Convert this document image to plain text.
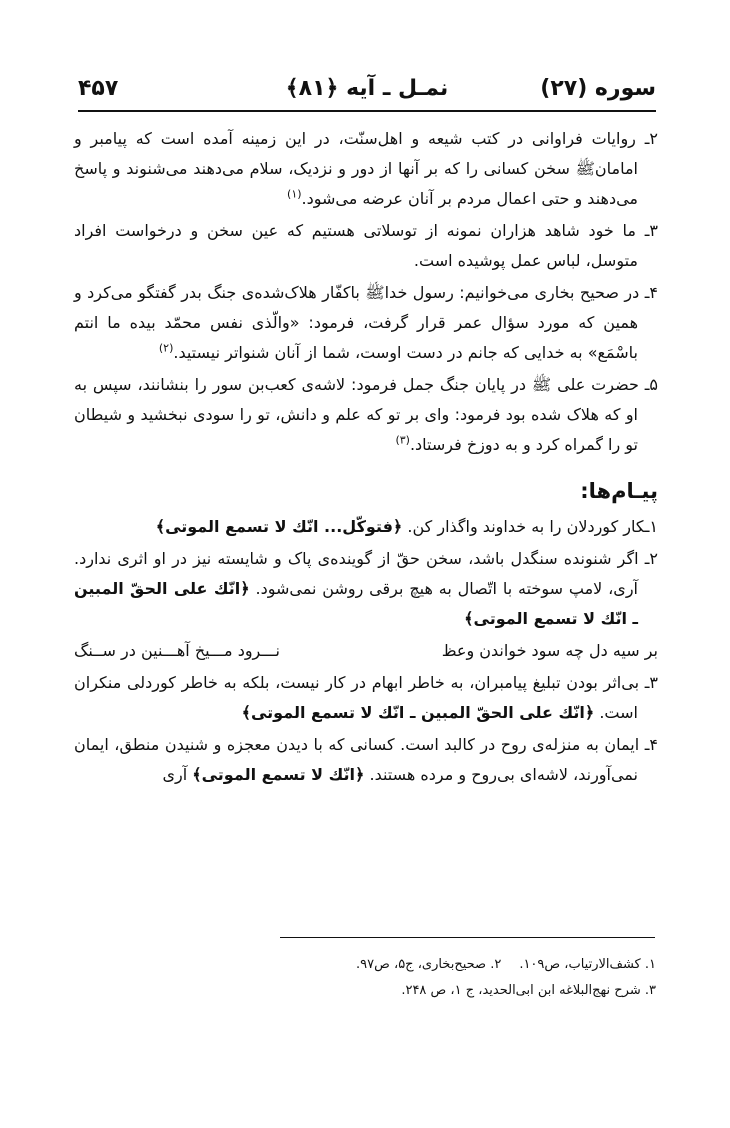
سوره (۲۷)
نمـل ـ آیه ﴿۸۱﴾
۴۵۷

۲ـ روایات فراوانی در کتب شیعه و اهل‌سنّت، در این زمینه آمده است که پیامبر و امامانﷺ سخن کسانی را که بر آنها از دور و نزدیک، سلام می‌دهند می‌شنوند و پاسخ می‌دهند و حتی اعمال مردم بر آنان عرضه می‌شود.$^{(۱)}$

۳ـ ما خود شاهد هزاران نمونه از توسلاتی هستیم که عین سخن و درخواست افراد متوسل، لباس عمل پوشیده است.

۴ـ در صحیح بخاری می‌خوانیم: رسول خداﷺ باکفّار هلاک‌شده‌ی جنگ بدر گفتگو می‌کرد و همین که مورد سؤال عمر قرار گرفت، فرمود: «والّذی نفس محمّد بیده ما انتم باسْمَع» به خدایی که جانم در دست اوست، شما از آنان شنواتر نیستید.$^{(۲)}$

۵ـ حضرت علی ﷺ در پایان جنگ جمل فرمود: لاشه‌ی کعب‌بن سور را بنشانند، سپس به او که هلاک شده بود فرمود: وای بر تو که علم و دانش، تو را سودی نبخشید و شیطان تو را گمراه کرد و به دوزخ فرستاد.$^{(۳)}$

پیـام‌ها:

۱ـکار کوردلان را به خداوند واگذار کن. ﴿فتوکّل... انّك لا تسمع الموتى﴾

۲ـ اگر شنونده سنگدل باشد، سخن حقّ از گوینده‌ی پاک و شایسته نیز در او اثری ندارد. آری، لامپ سوخته با اتّصال به هیچ برقی روشن نمی‌شود. ﴿انّك على الحقّ المبين ـ انّك لا تسمع الموتى﴾

بر سیه دل چه سود خواندن وعظ
نـــرود مـــیخ آهـــنین در ســنگ

۳ـ بی‌اثر بودن تبلیغ پیامبران، به خاطر ابهام در کار نیست، بلکه به خاطر کوردلی منکران است. ﴿انّك على الحقّ المبين ـ انّك لا تسمع الموتى﴾

۴ـ ایمان به منزله‌ی روح در کالبد است. کسانی که با دیدن معجزه و شنیدن منطق، ایمان نمی‌آورند، لاشه‌ای بی‌روح و مرده هستند. ﴿انّك لا تسمع الموتى﴾ آری

۱. کشف‌الارتیاب، ص۱۰۹.۲. صحیح‌بخاری، ج۵، ص۹۷.
۳. شرح نهج‌البلاغه ابن ابی‌الحدید، ج ۱، ص ۲۴۸.
